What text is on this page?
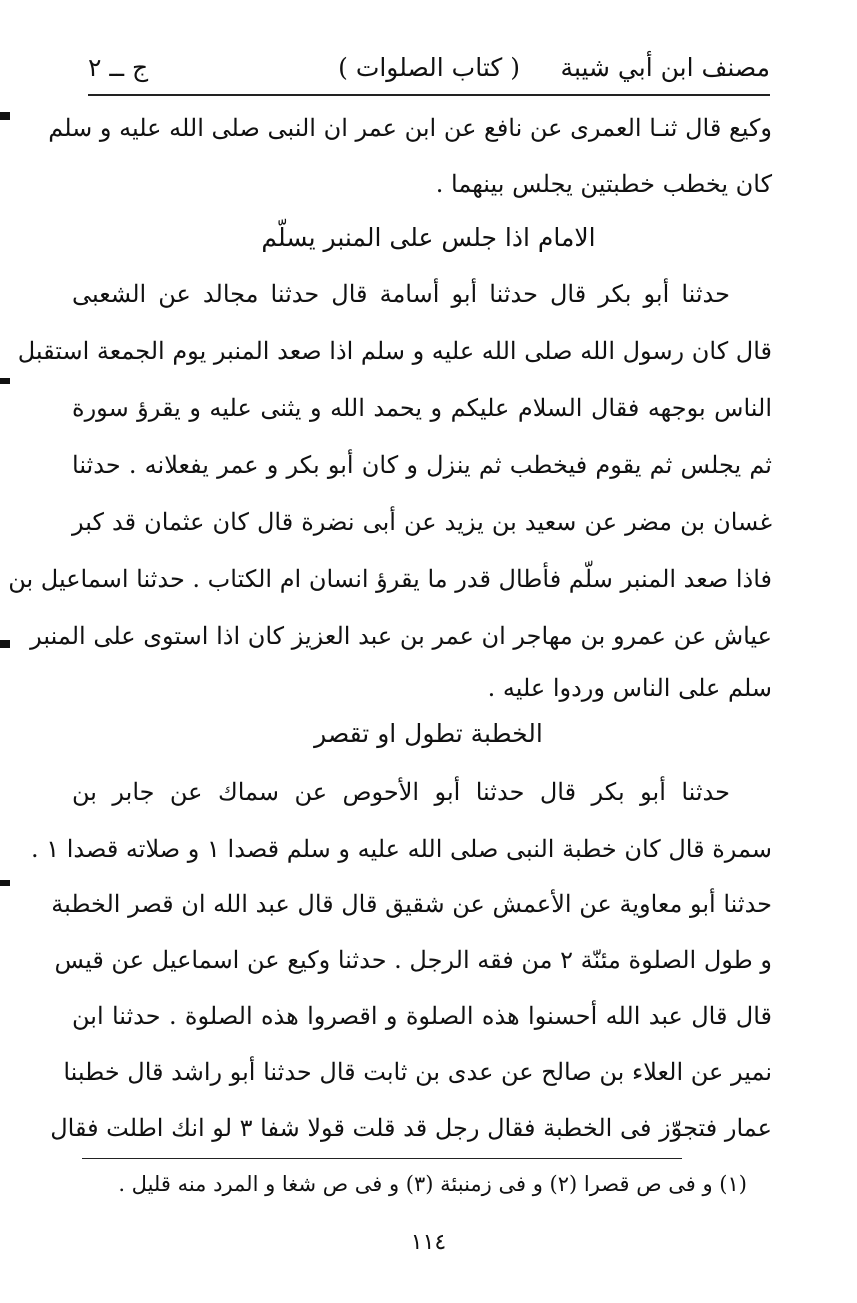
مصنف ابن أبي شيبة
( كتاب الصلوات )
ج ــ ٢
وكيع قال ثنـا العمرى عن نافع عن ابن عمر ان النبى صلى الله عليه و سلم
كان يخطب خطبتين يجلس بينهما .
الامام اذا جلس على المنبر يسلّم
حدثنا أبو بكر قال حدثنا أبو أسامة قال حدثنا مجالد عن الشعبى
قال كان رسول الله صلى الله عليه و سلم اذا صعد المنبر يوم الجمعة استقبل
الناس بوجهه فقال السلام عليكم و يحمد الله و يثنى عليه و يقرؤ سورة
ثم يجلس ثم يقوم فيخطب ثم ينزل و كان أبو بكر و عمر يفعلانه . حدثنا
غسان بن مضر عن سعيد بن يزيد عن أبى نضرة قال كان عثمان قد كبر
فاذا صعد المنبر سلّم فأطال قدر ما يقرؤ انسان ام الكتاب . حدثنا اسماعيل بن
عياش عن عمرو بن مهاجر ان عمر بن عبد العزيز كان اذا استوى على المنبر
سلم على الناس وردوا عليه .
الخطبة تطول او تقصر
حدثنا أبو بكر قال حدثنا أبو الأحوص عن سماك عن جابر بن
سمرة قال كان خطبة النبى صلى الله عليه و سلم قصدا ١ و صلاته قصدا ١ .
حدثنا أبو معاوية عن الأعمش عن شقيق قال قال عبد الله ان قصر الخطبة
و طول الصلوة مئنّة ٢ من فقه الرجل . حدثنا وكيع عن اسماعيل عن قيس
قال قال عبد الله أحسنوا هذه الصلوة و اقصروا هذه الصلوة . حدثنا ابن
نمير عن العلاء بن صالح عن عدى بن ثابت قال حدثنا أبو راشد قال خطبنا
عمار فتجوّز فى الخطبة فقال رجل قد قلت قولا شفا ٣ لو انك اطلت فقال
(١) و فى ص قصرا (٢) و فى زمنبئة (٣) و فى ص شغا و المرد منه قليل .
١١٤
